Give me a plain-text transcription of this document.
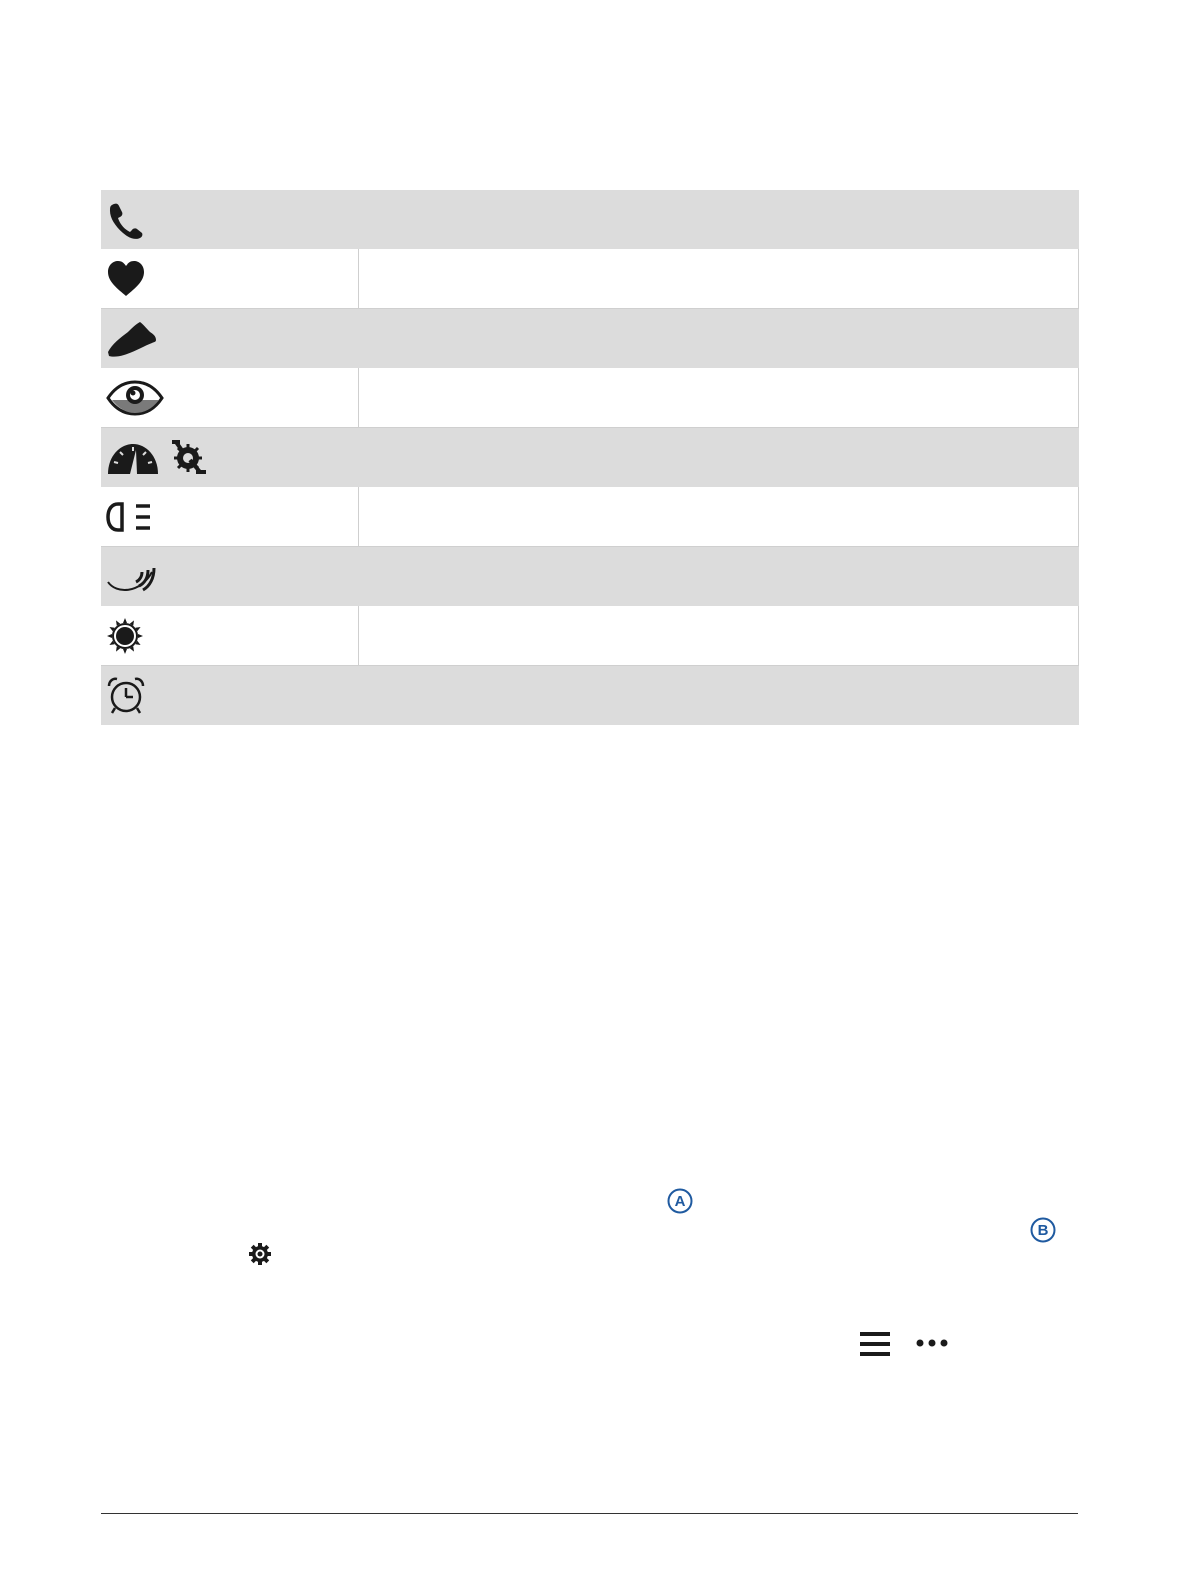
A
B
